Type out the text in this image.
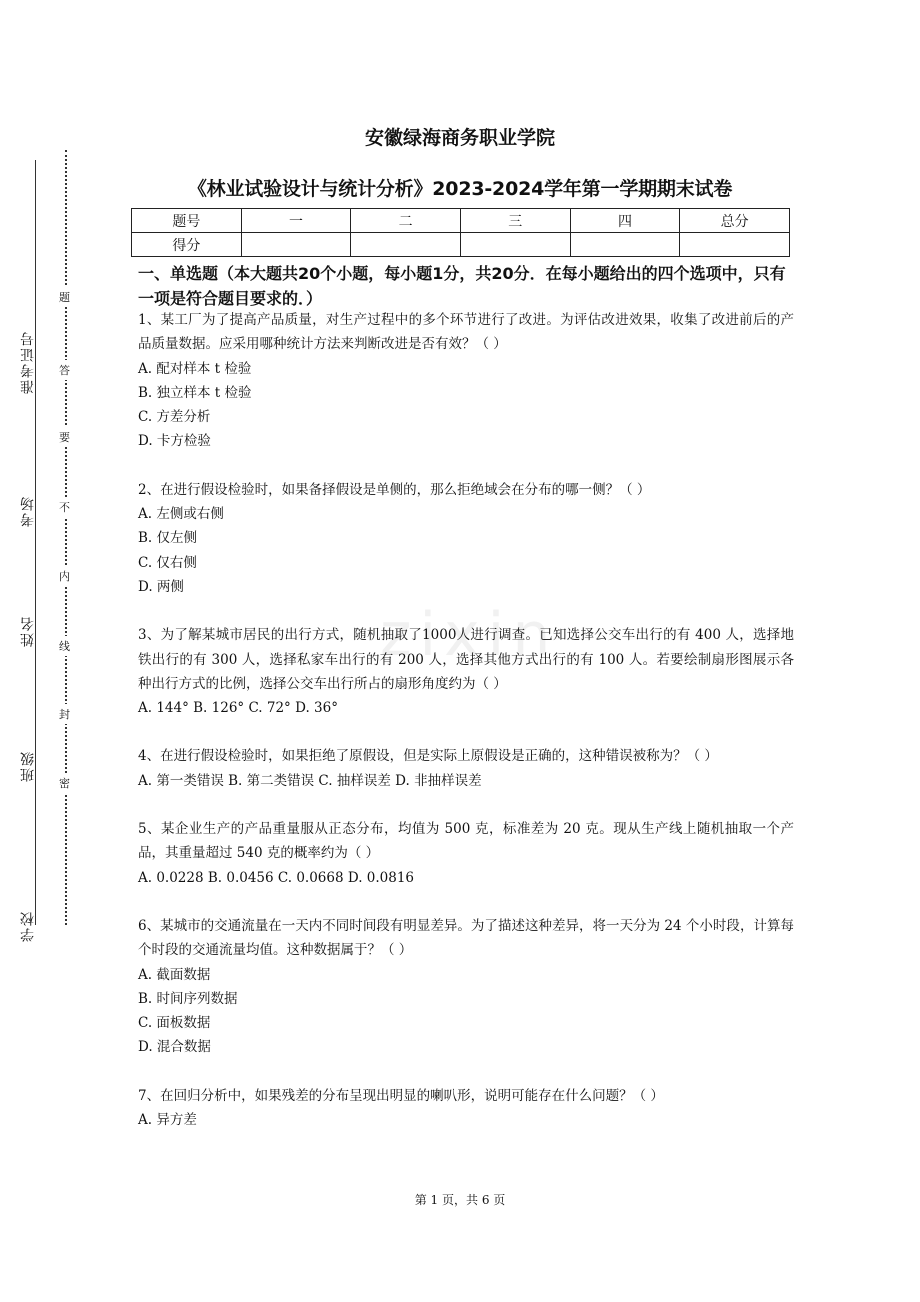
准考证号
考场
姓名
班级
学校
题
答
要
不
内
线
封
密
zixin
安徽绿海商务职业学院
《林业试验设计与统计分析》2023-2024学年第一学期期末试卷
题号	一	二	三	四	总分
得分					
一、单选题（本大题共20个小题，每小题1分，共20分．在每小题给出的四个选项中，只有一项是符合题目要求的．）

1、某工厂为了提高产品质量，对生产过程中的多个环节进行了改进。为评估改进效果，收集了改进前后的产品质量数据。应采用哪种统计方法来判断改进是否有效？（ ）

A. 配对样本 t 检验

B. 独立样本 t 检验

C. 方差分析

D. 卡方检验

2、在进行假设检验时，如果备择假设是单侧的，那么拒绝域会在分布的哪一侧？（ ）

A. 左侧或右侧

B. 仅左侧

C. 仅右侧

D. 两侧

3、为了解某城市居民的出行方式，随机抽取了1000人进行调查。已知选择公交车出行的有 400 人，选择地铁出行的有 300 人，选择私家车出行的有 200 人，选择其他方式出行的有 100 人。若要绘制扇形图展示各种出行方式的比例，选择公交车出行所占的扇形角度约为（ ）

A. 144° B. 126° C. 72° D. 36°

4、在进行假设检验时，如果拒绝了原假设，但是实际上原假设是正确的，这种错误被称为？（ ）

A. 第一类错误 B. 第二类错误 C. 抽样误差 D. 非抽样误差

5、某企业生产的产品重量服从正态分布，均值为 500 克，标准差为 20 克。现从生产线上随机抽取一个产品，其重量超过 540 克的概率约为（ ）

A. 0.0228 B. 0.0456 C. 0.0668 D. 0.0816

6、某城市的交通流量在一天内不同时间段有明显差异。为了描述这种差异，将一天分为 24 个小时段，计算每个时段的交通流量均值。这种数据属于？（ ）

A. 截面数据

B. 时间序列数据

C. 面板数据

D. 混合数据

7、在回归分析中，如果残差的分布呈现出明显的喇叭形，说明可能存在什么问题？（ ）

A. 异方差

第 1 页，共 6 页
